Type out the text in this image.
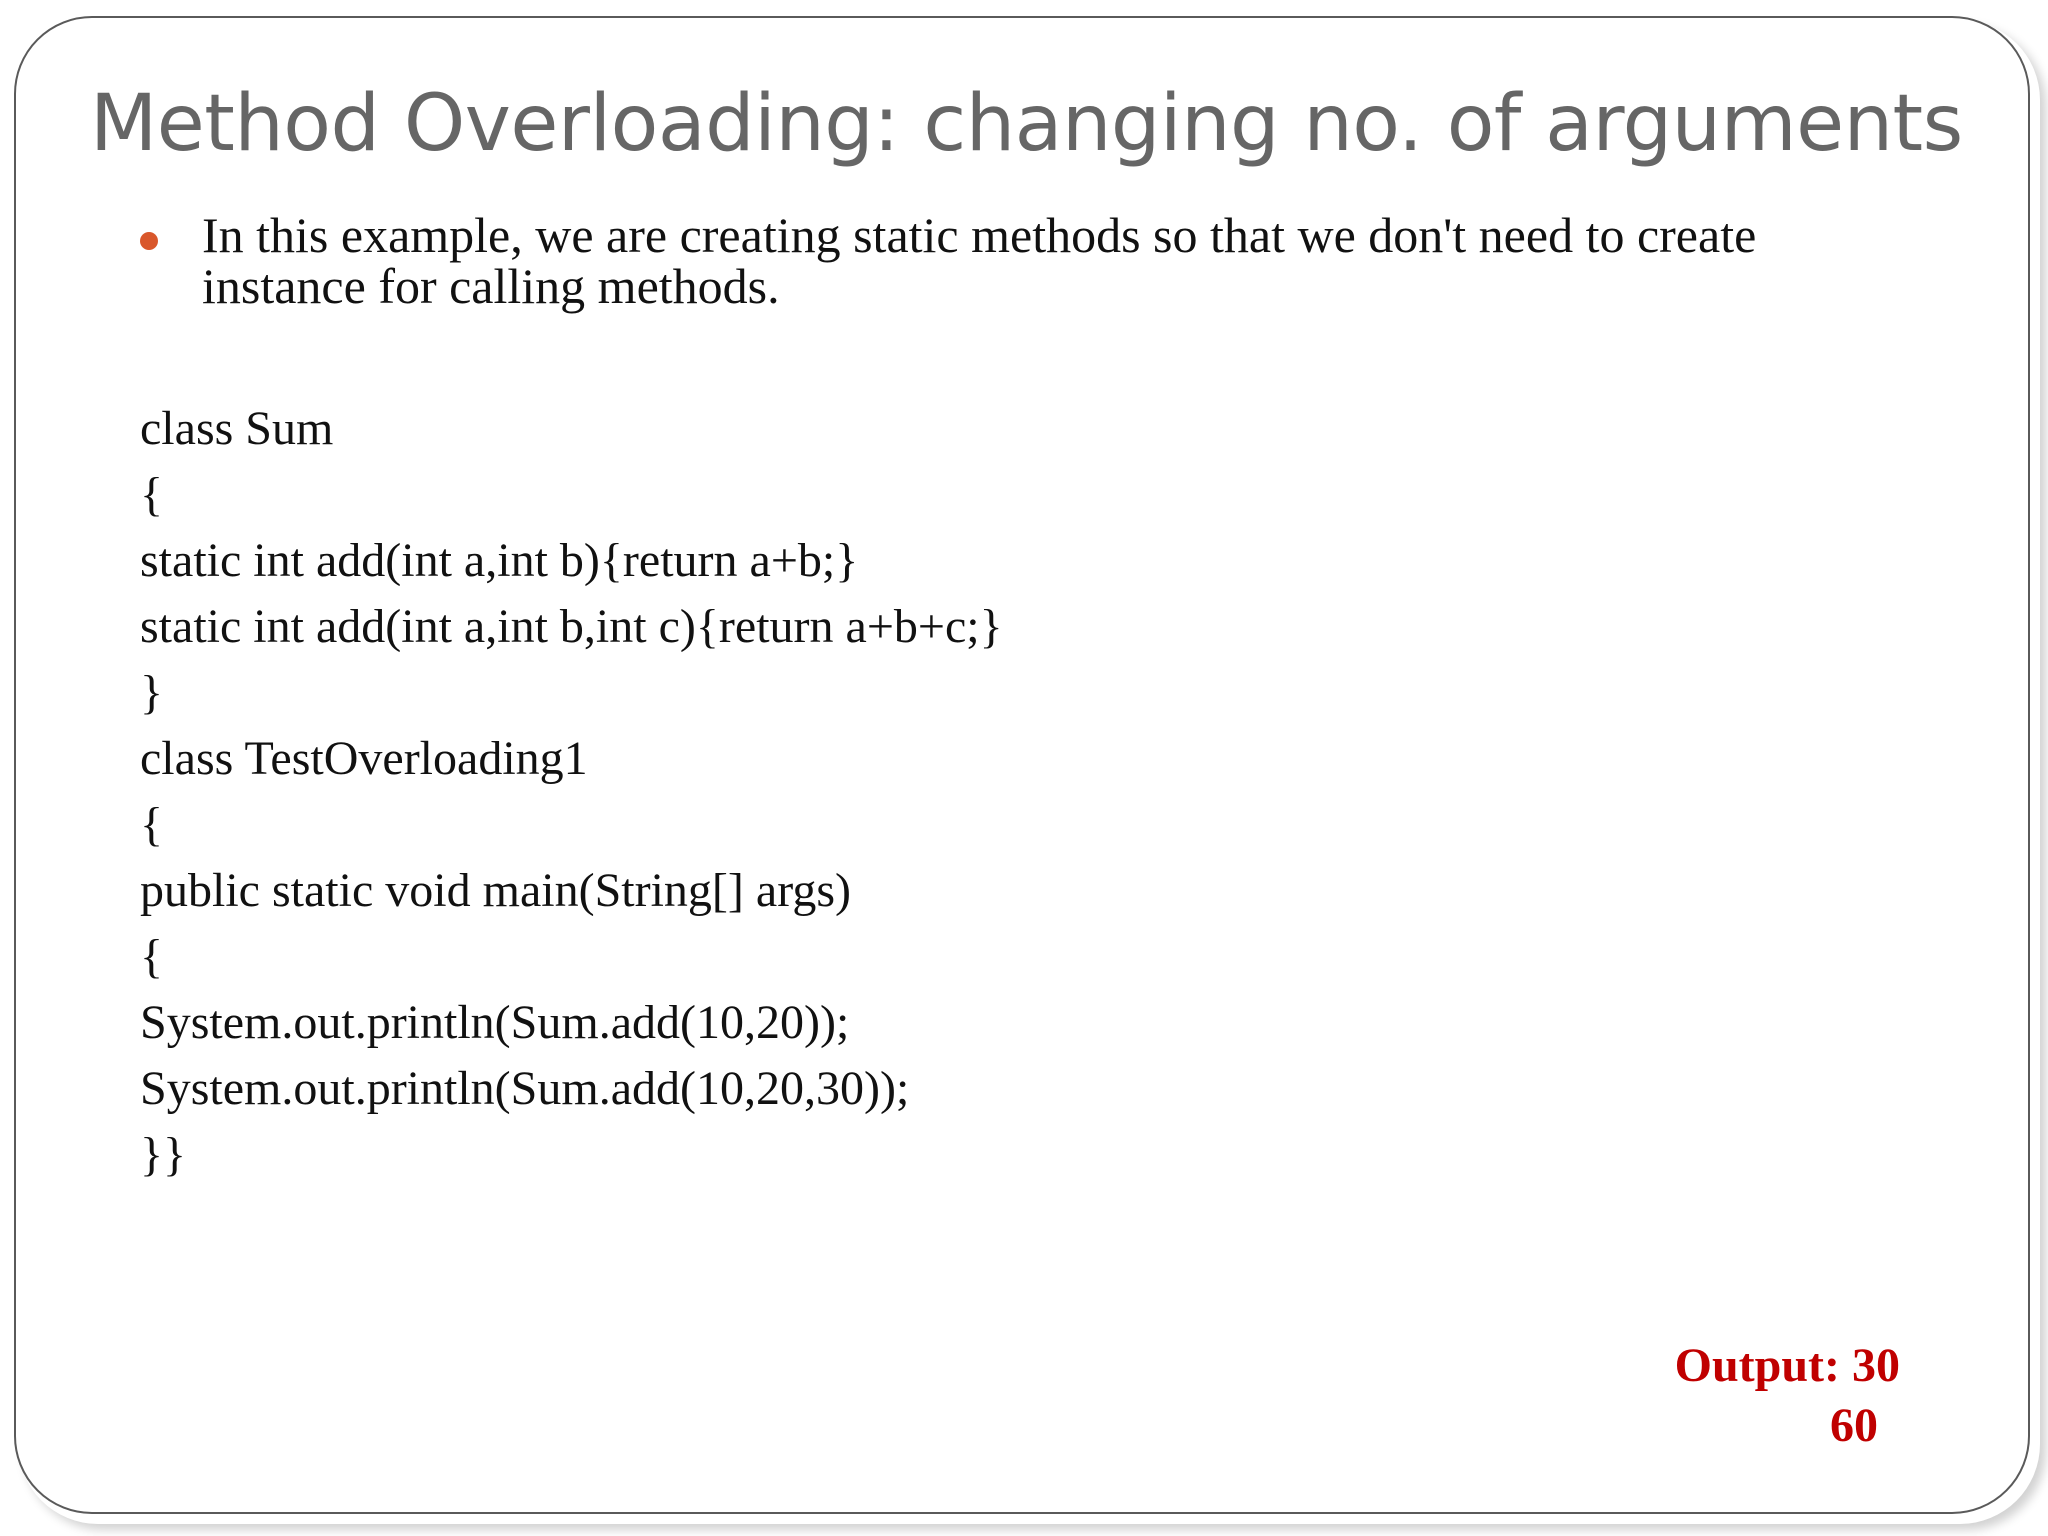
Method Overloading: changing no. of arguments
In this example, we are creating static methods so that we don't need to create instance for calling methods.
class Sum
{
static int add(int a,int b){return a+b;}
static int add(int a,int b,int c){return a+b+c;}
}
class TestOverloading1
{
public static void main(String[] args)
{
System.out.println(Sum.add(10,20));
System.out.println(Sum.add(10,20,30));
}}
Output: 30
60
